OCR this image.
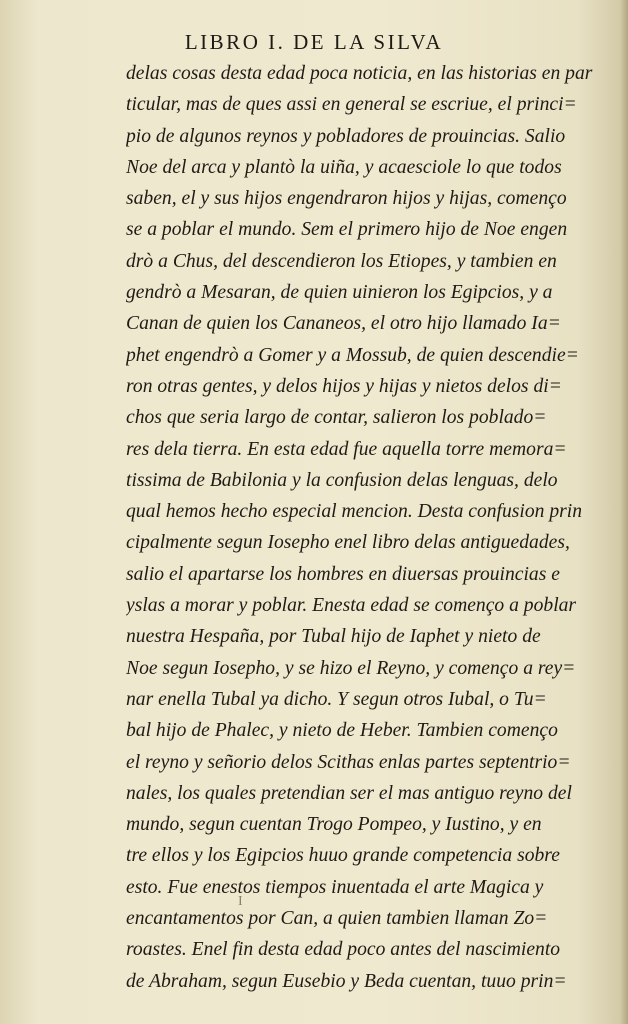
LIBRO I. DE LA SILVA
delas cosas desta edad poca noticia, en las historias en par
ticular, mas de ques assi en general se escriue, el princi=
pio de algunos reynos y pobladores de prouincias. Salio
Noe del arca y plantò la uiña, y acaesciole lo que todos
saben, el y sus hijos engendraron hijos y hijas, començo
se a poblar el mundo. Sem el primero hijo de Noe engen
drò a Chus, del descendieron los Etiopes, y tambien en
gendrò a Mesaran, de quien uinieron los Egipcios, y a
Canan de quien los Cananeos, el otro hijo llamado Ia=
phet engendrò a Gomer y a Mossub, de quien descendie=
ron otras gentes, y delos hijos y hijas y nietos delos di=
chos que seria largo de contar, salieron los poblado=
res dela tierra. En esta edad fue aquella torre memora=
tissima de Babilonia y la confusion delas lenguas, delo
qual hemos hecho especial mencion. Desta confusion prin
cipalmente segun Iosepho enel libro delas antiguedades,
salio el apartarse los hombres en diuersas prouincias e
yslas a morar y poblar. Enesta edad se començo a poblar
nuestra Hespaña, por Tubal hijo de Iaphet y nieto de
Noe segun Iosepho, y se hizo el Reyno, y començo a rey=
nar enella Tubal ya dicho. Y segun otros Iubal, o Tu=
bal hijo de Phalec, y nieto de Heber. Tambien començo
el reyno y señorio delos Scithas enlas partes septentrio=
nales, los quales pretendian ser el mas antiguo reyno del
mundo, segun cuentan Trogo Pompeo, y Iustino, y en
tre ellos y los Egipcios huuo grande competencia sobre
esto. Fue enestos tiempos inuentada el arte Magica y
encantamentos por Can, a quien tambien llaman Zo=
roastes. Enel fin desta edad poco antes del nascimiento
de Abraham, segun Eusebio y Beda cuentan, tuuo prin=
I
